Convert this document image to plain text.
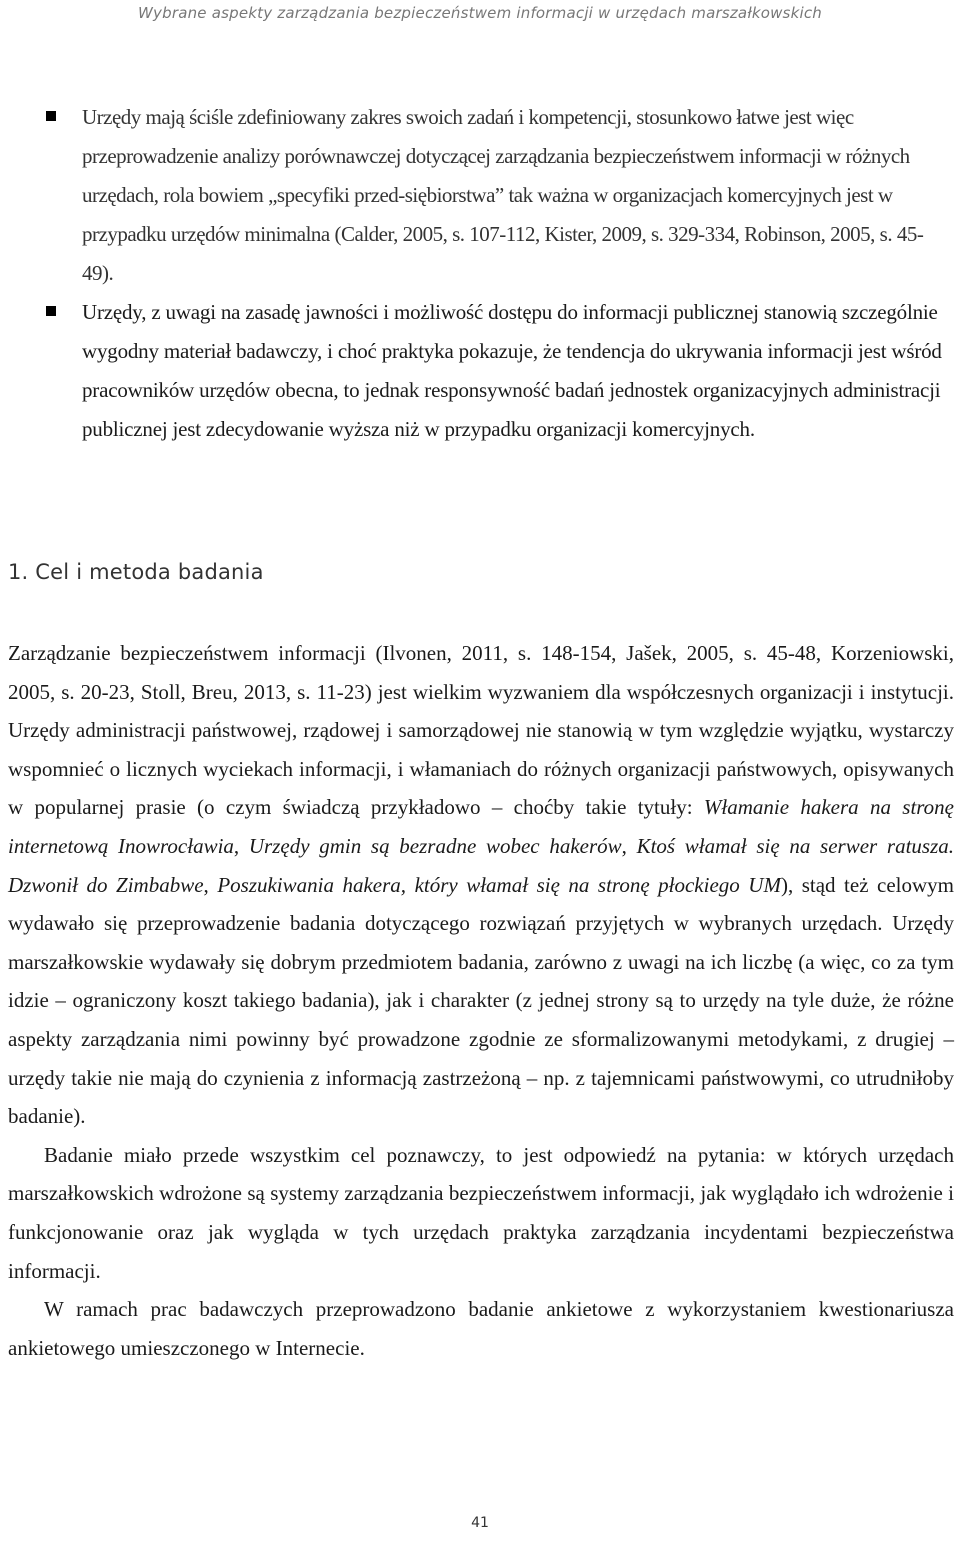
Wybrane aspekty zarządzania bezpieczeństwem informacji w urzędach marszałkowskich
Urzędy mają ściśle zdefiniowany zakres swoich zadań i kompetencji, stosunkowo łatwe jest więc przeprowadzenie analizy porównawczej dotyczącej zarządzania bezpieczeństwem informacji w różnych urzędach, rola bowiem „specyfiki przed-siębiorstwa” tak ważna w organizacjach komercyjnych jest w przypadku urzędów minimalna (Calder, 2005, s. 107-112, Kister, 2009, s. 329-334, Robinson, 2005, s. 45-49).
Urzędy, z uwagi na zasadę jawności i możliwość dostępu do informacji publicznej stanowią szczególnie wygodny materiał badawczy, i choć praktyka pokazuje, że tendencja do ukrywania informacji jest wśród pracowników urzędów obecna, to jednak responsywność badań jednostek organizacyjnych administracji publicznej jest zdecydowanie wyższa niż w przypadku organizacji komercyjnych.
1. Cel i metoda badania

Zarządzanie bezpieczeństwem informacji (Ilvonen, 2011, s. 148-154, Jašek, 2005, s. 45-48, Korzeniowski, 2005, s. 20-23, Stoll, Breu, 2013, s. 11-23) jest wielkim wyzwaniem dla współczesnych organizacji i instytucji. Urzędy administracji państwowej, rządowej i samorządowej nie stanowią w tym względzie wyjątku, wystarczy wspomnieć o licznych wyciekach informacji, i włamaniach do różnych organizacji państwowych, opisywanych w popularnej prasie (o czym świadczą przykładowo – choćby takie tytuły: Włamanie hakera na stronę internetową Inowrocławia, Urzędy gmin są bezradne wobec hakerów, Ktoś włamał się na serwer ratusza. Dzwonił do Zimbabwe, Poszukiwania hakera, który włamał się na stronę płockiego UM), stąd też celowym wydawało się przeprowadzenie badania dotyczącego rozwiązań przyjętych w wybranych urzędach. Urzędy marszałkowskie wydawały się dobrym przedmiotem badania, zarówno z uwagi na ich liczbę (a więc, co za tym idzie – ograniczony koszt takiego badania), jak i charakter (z jednej strony są to urzędy na tyle duże, że różne aspekty zarządzania nimi powinny być prowadzone zgodnie ze sformalizowanymi metodykami, z drugiej – urzędy takie nie mają do czynienia z informacją zastrzeżoną – np. z tajemnicami państwowymi, co utrudniłoby badanie).

Badanie miało przede wszystkim cel poznawczy, to jest odpowiedź na pytania: w których urzędach marszałkowskich wdrożone są systemy zarządzania bezpieczeństwem informacji, jak wyglądało ich wdrożenie i funkcjonowanie oraz jak wygląda w tych urzędach praktyka zarządzania incydentami bezpieczeństwa informacji.

W ramach prac badawczych przeprowadzono badanie ankietowe z wykorzystaniem kwestionariusza ankietowego umieszczonego w Internecie.

41
